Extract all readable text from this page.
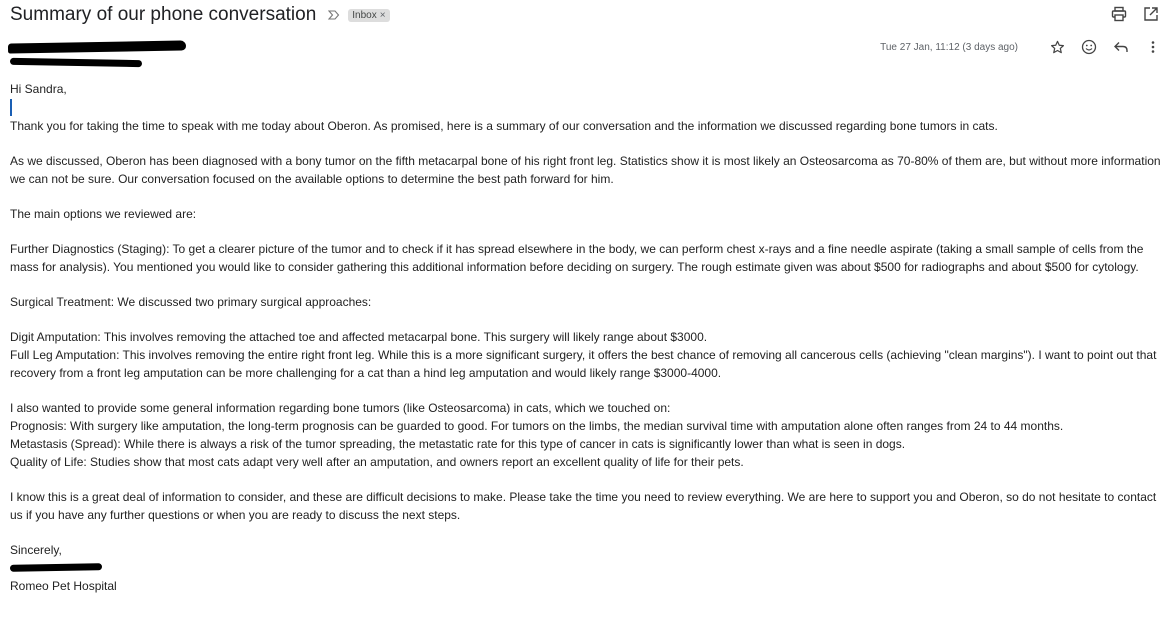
Summary of our phone conversation	Inbox ×
Tue 27 Jan, 11:12 (3 days ago)

Hi Sandra,

Thank you for taking the time to speak with me today about Oberon. As promised, here is a summary of our conversation and the information we discussed regarding bone tumors in cats.

As we discussed, Oberon has been diagnosed with a bony tumor on the fifth metacarpal bone of his right front leg. Statistics show it is most likely an Osteosarcoma as 70-80% of them are, but without more information we can not be sure. Our conversation focused on the available options to determine the best path forward for him.

The main options we reviewed are:

Further Diagnostics (Staging): To get a clearer picture of the tumor and to check if it has spread elsewhere in the body, we can perform chest x-rays and a fine needle aspirate (taking a small sample of cells from the mass for analysis). You mentioned you would like to consider gathering this additional information before deciding on surgery. The rough estimate given was about $500 for radiographs and about $500 for cytology.

Surgical Treatment: We discussed two primary surgical approaches:

Digit Amputation: This involves removing the attached toe and affected metacarpal bone. This surgery will likely range about $3000.

Full Leg Amputation: This involves removing the entire right front leg. While this is a more significant surgery, it offers the best chance of removing all cancerous cells (achieving "clean margins"). I want to point out that recovery from a front leg amputation can be more challenging for a cat than a hind leg amputation and would likely range $3000-4000.

I also wanted to provide some general information regarding bone tumors (like Osteosarcoma) in cats, which we touched on:

Prognosis: With surgery like amputation, the long-term prognosis can be guarded to good. For tumors on the limbs, the median survival time with amputation alone often ranges from 24 to 44 months.

Metastasis (Spread): While there is always a risk of the tumor spreading, the metastatic rate for this type of cancer in cats is significantly lower than what is seen in dogs.

Quality of Life: Studies show that most cats adapt very well after an amputation, and owners report an excellent quality of life for their pets.

I know this is a great deal of information to consider, and these are difficult decisions to make. Please take the time you need to review everything. We are here to support you and Oberon, so do not hesitate to contact us if you have any further questions or when you are ready to discuss the next steps.

Sincerely,

Romeo Pet Hospital
